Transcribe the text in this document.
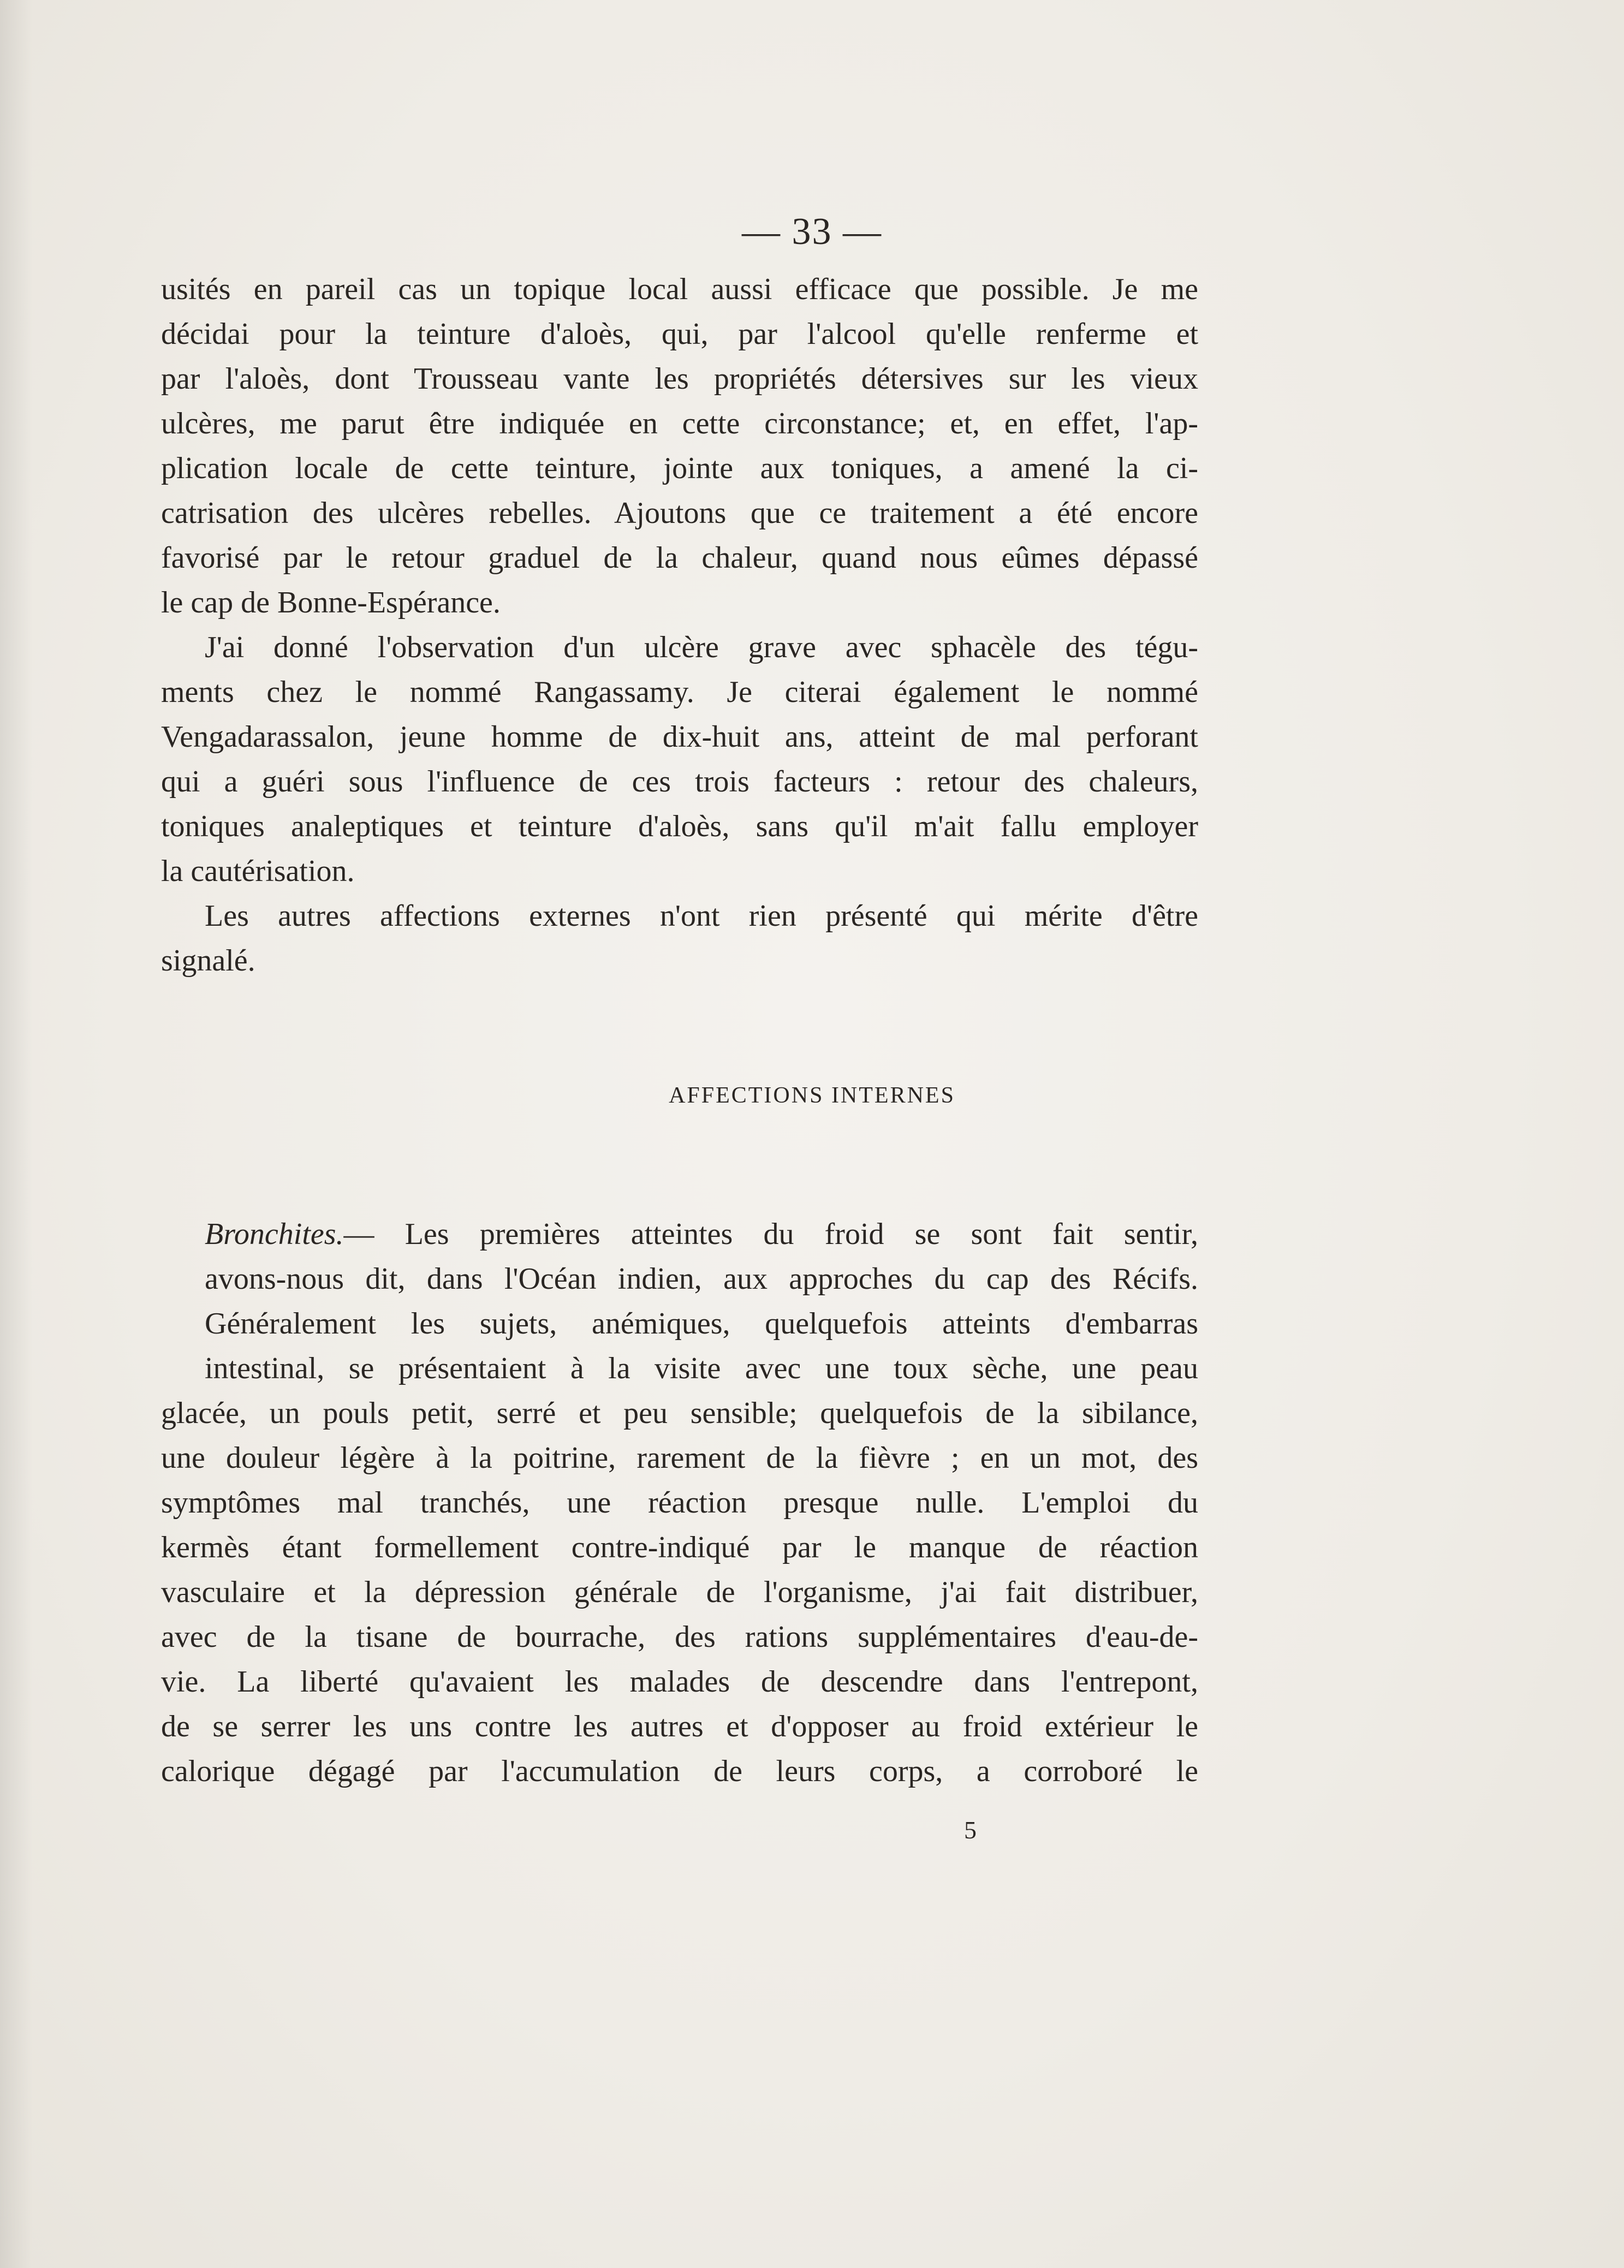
— 33 —

usités en pareil cas un topique local aussi efficace que possible. Je me

décidai pour la teinture d'aloès, qui, par l'alcool qu'elle renferme et

par l'aloès, dont Trousseau vante les propriétés détersives sur les vieux

ulcères, me parut être indiquée en cette circonstance; et, en effet, l'ap-

plication locale de cette teinture, jointe aux toniques, a amené la ci-

catrisation des ulcères rebelles. Ajoutons que ce traitement a été encore

favorisé par le retour graduel de la chaleur, quand nous eûmes dépassé

le cap de Bonne-Espérance.

J'ai donné l'observation d'un ulcère grave avec sphacèle des tégu-

ments chez le nommé Rangassamy. Je citerai également le nommé

Vengadarassalon, jeune homme de dix-huit ans, atteint de mal perforant

qui a guéri sous l'influence de ces trois facteurs : retour des chaleurs,

toniques analeptiques et teinture d'aloès, sans qu'il m'ait fallu employer

la cautérisation.

Les autres affections externes n'ont rien présenté qui mérite d'être

signalé.

AFFECTIONS INTERNES

Bronchites.— Les premières atteintes du froid se sont fait sentir,

avons-nous dit, dans l'Océan indien, aux approches du cap des Récifs.

Généralement les sujets, anémiques, quelquefois atteints d'embarras

intestinal, se présentaient à la visite avec une toux sèche, une peau

glacée, un pouls petit, serré et peu sensible; quelquefois de la sibilance,

une douleur légère à la poitrine, rarement de la fièvre ; en un mot, des

symptômes mal tranchés, une réaction presque nulle. L'emploi du

kermès étant formellement contre-indiqué par le manque de réaction

vasculaire et la dépression générale de l'organisme, j'ai fait distribuer,

avec de la tisane de bourrache, des rations supplémentaires d'eau-de-

vie. La liberté qu'avaient les malades de descendre dans l'entrepont,

de se serrer les uns contre les autres et d'opposer au froid extérieur le

calorique dégagé par l'accumulation de leurs corps, a corroboré le

5
